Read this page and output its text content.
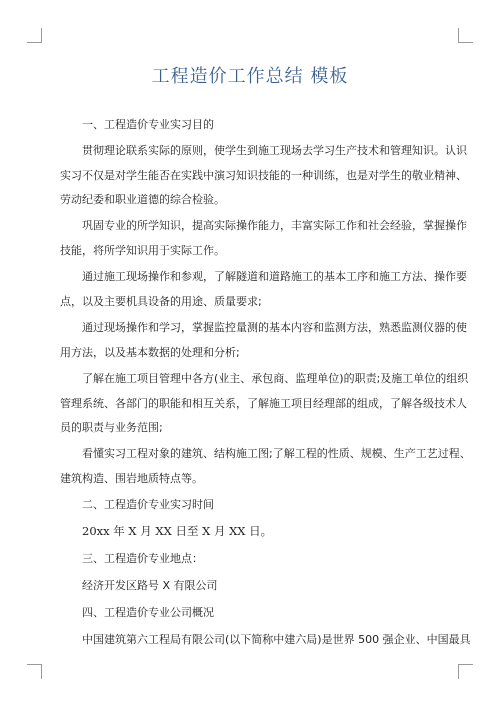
工程造价工作总结 模板
一、工程造价专业实习目的
贯彻理论联系实际的原则，使学生到施工现场去学习生产技术和管理知识。认识
实习不仅是对学生能否在实践中演习知识技能的一种训练，也是对学生的敬业精神、
劳动纪委和职业道德的综合检验。
巩固专业的所学知识，提高实际操作能力，丰富实际工作和社会经验，掌握操作
技能，将所学知识用于实际工作。
通过施工现场操作和参观，了解隧道和道路施工的基本工序和施工方法、操作要
点，以及主要机具设备的用途、质量要求;
通过现场操作和学习，掌握监控量测的基本内容和监测方法，熟悉监测仪器的使
用方法，以及基本数据的处理和分析;
了解在施工项目管理中各方(业主、承包商、监理单位)的职责;及施工单位的组织
管理系统、各部门的职能和相互关系，了解施工项目经理部的组成，了解各级技术人
员的职责与业务范围;
看懂实习工程对象的建筑、结构施工图;了解工程的性质、规模、生产工艺过程、
建筑构造、围岩地质特点等。
二、工程造价专业实习时间
20xx 年 X 月 XX 日至 X 月 XX 日。
三、工程造价专业地点：
经济开发区路号 X 有限公司
四、工程造价专业公司概况
中国建筑第六工程局有限公司(以下简称中建六局)是世界 500 强企业、中国最具
